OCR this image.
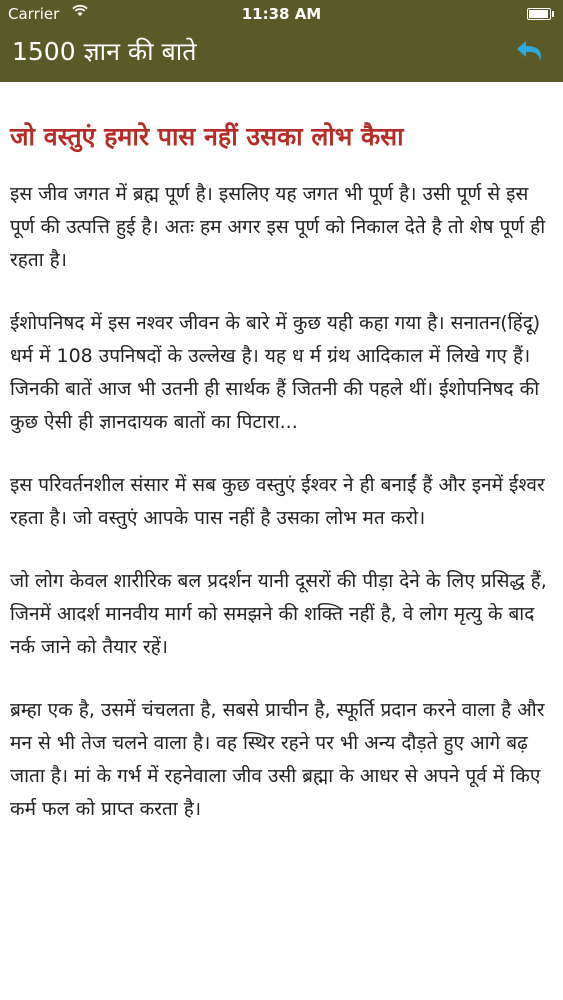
Carrier	11:38 AM
1500 ज्ञान की बाते
जो वस्तुएं हमारे पास नहीं उसका लोभ कैसा

इस जीव जगत में ब्रह्म पूर्ण है। इसलिए यह जगत भी पूर्ण है। उसी पूर्ण से इस पूर्ण की उत्पत्ति हुई है। अतः हम अगर इस पूर्ण को निकाल देते है तो शेष पूर्ण ही रहता है।

ईशोपनिषद में इस नश्वर जीवन के बारे में कुछ यही कहा गया है। सनातन(हिंदू) धर्म में 108 उपनिषदों के उल्लेख है। यह ध र्म ग्रंथ आदिकाल में लिखे गए हैं। जिनकी बातें आज भी उतनी ही सार्थक हैं जितनी की पहले थीं। ईशोपनिषद की कुछ ऐसी ही ज्ञानदायक बातों का पिटारा...

इस परिवर्तनशील संसार में सब कुछ वस्तुएं ईश्वर ने ही बनाईं हैं और इनमें ईश्वर रहता है। जो वस्तुएं आपके पास नहीं है उसका लोभ मत करो।

जो लोग केवल शारीरिक बल प्रदर्शन यानी दूसरों की पीड़ा देने के लिए प्रसिद्ध हैं, जिनमें आदर्श मानवीय मार्ग को समझने की शक्ति नहीं है, वे लोग मृत्यु के बाद नर्क जाने को तैयार रहें।

ब्रम्हा एक है, उसमें चंचलता है, सबसे प्राचीन है, स्फूर्ति प्रदान करने वाला है और मन से भी तेज चलने वाला है। वह स्थिर रहने पर भी अन्य दौड़ते हुए आगे बढ़ जाता है। मां के गर्भ में रहनेवाला जीव उसी ब्रह्मा के आधर से अपने पूर्व में किए कर्म फल को प्राप्त करता है।
